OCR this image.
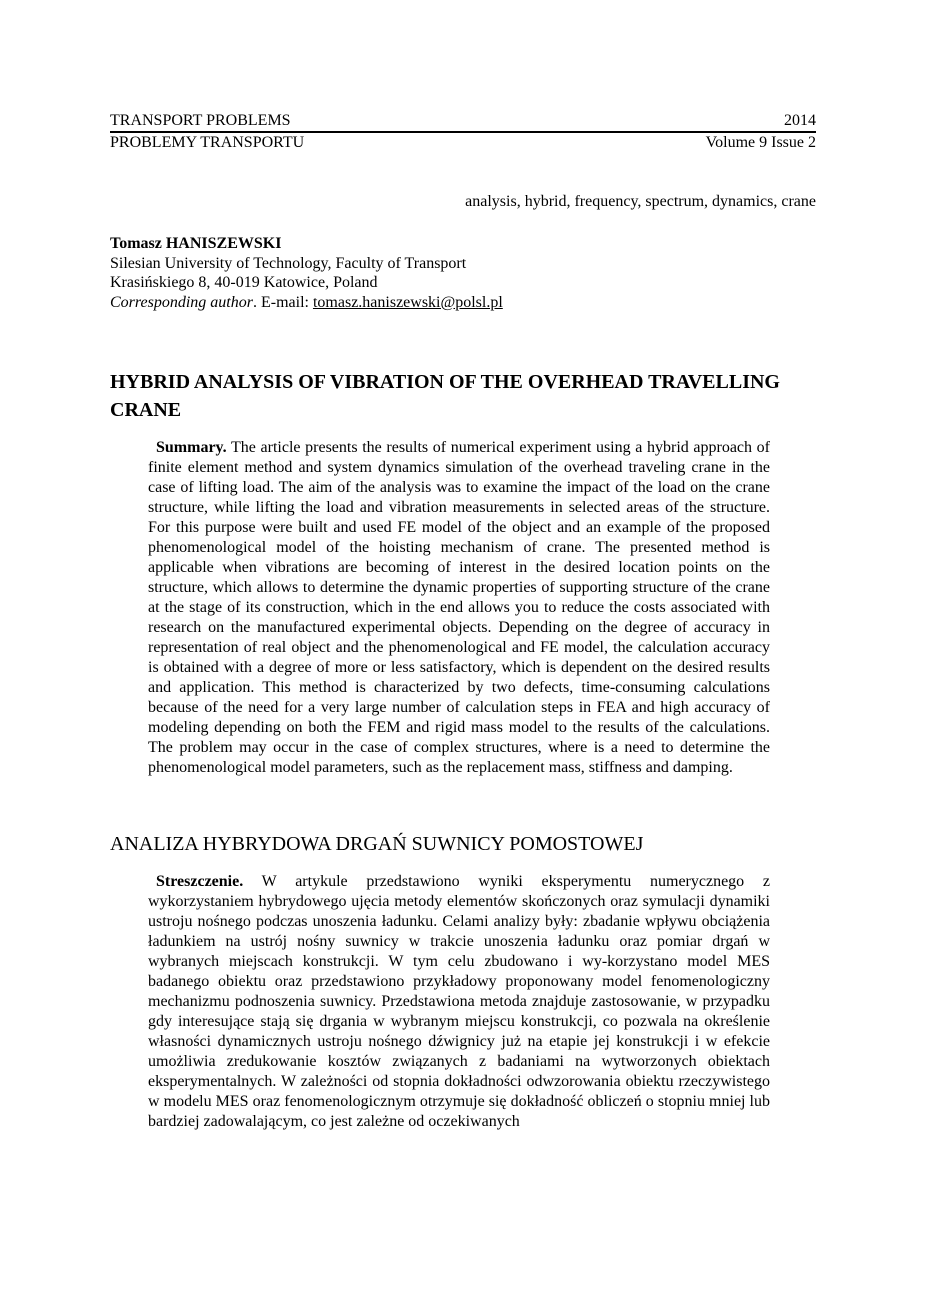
TRANSPORT PROBLEMS	2014
PROBLEMY TRANSPORTU	Volume 9 Issue 2
analysis, hybrid, frequency, spectrum, dynamics, crane
Tomasz HANISZEWSKI
Silesian University of Technology, Faculty of Transport
Krasińskiego 8, 40-019 Katowice, Poland
Corresponding author. E-mail: tomasz.haniszewski@polsl.pl
HYBRID ANALYSIS OF VIBRATION OF THE OVERHEAD TRAVELLING CRANE

Summary. The article presents the results of numerical experiment using a hybrid approach of finite element method and system dynamics simulation of the overhead traveling crane in the case of lifting load. The aim of the analysis was to examine the impact of the load on the crane structure, while lifting the load and vibration measurements in selected areas of the structure. For this purpose were built and used FE model of the object and an example of the proposed phenomenological model of the hoisting mechanism of crane. The presented method is applicable when vibrations are becoming of interest in the desired location points on the structure, which allows to determine the dynamic properties of supporting structure of the crane at the stage of its construction, which in the end allows you to reduce the costs associated with research on the manufactured experimental objects. Depending on the degree of accuracy in representation of real object and the phenomenological and FE model, the calculation accuracy is obtained with a degree of more or less satisfactory, which is dependent on the desired results and application. This method is characterized by two defects, time-consuming calculations because of the need for a very large number of calculation steps in FEA and high accuracy of modeling depending on both the FEM and rigid mass model to the results of the calculations. The problem may occur in the case of complex structures, where is a need to determine the phenomenological model parameters, such as the replacement mass, stiffness and damping.

ANALIZA HYBRYDOWA DRGAŃ SUWNICY POMOSTOWEJ

Streszczenie. W artykule przedstawiono wyniki eksperymentu numerycznego z wykorzystaniem hybrydowego ujęcia metody elementów skończonych oraz symulacji dynamiki ustroju nośnego podczas unoszenia ładunku. Celami analizy były: zbadanie wpływu obciążenia ładunkiem na ustrój nośny suwnicy w trakcie unoszenia ładunku oraz pomiar drgań w wybranych miejscach konstrukcji. W tym celu zbudowano i wy-korzystano model MES badanego obiektu oraz przedstawiono przykładowy proponowany model fenomenologiczny mechanizmu podnoszenia suwnicy. Przedstawiona metoda znajduje zastosowanie, w przypadku gdy interesujące stają się drgania w wybranym miejscu konstrukcji, co pozwala na określenie własności dynamicznych ustroju nośnego dźwignicy już na etapie jej konstrukcji i w efekcie umożliwia zredukowanie kosztów związanych z badaniami na wytworzonych obiektach eksperymentalnych. W zależności od stopnia dokładności odwzorowania obiektu rzeczywistego w modelu MES oraz fenomenologicznym otrzymuje się dokładność obliczeń o stopniu mniej lub bardziej zadowalającym, co jest zależne od oczekiwanych
